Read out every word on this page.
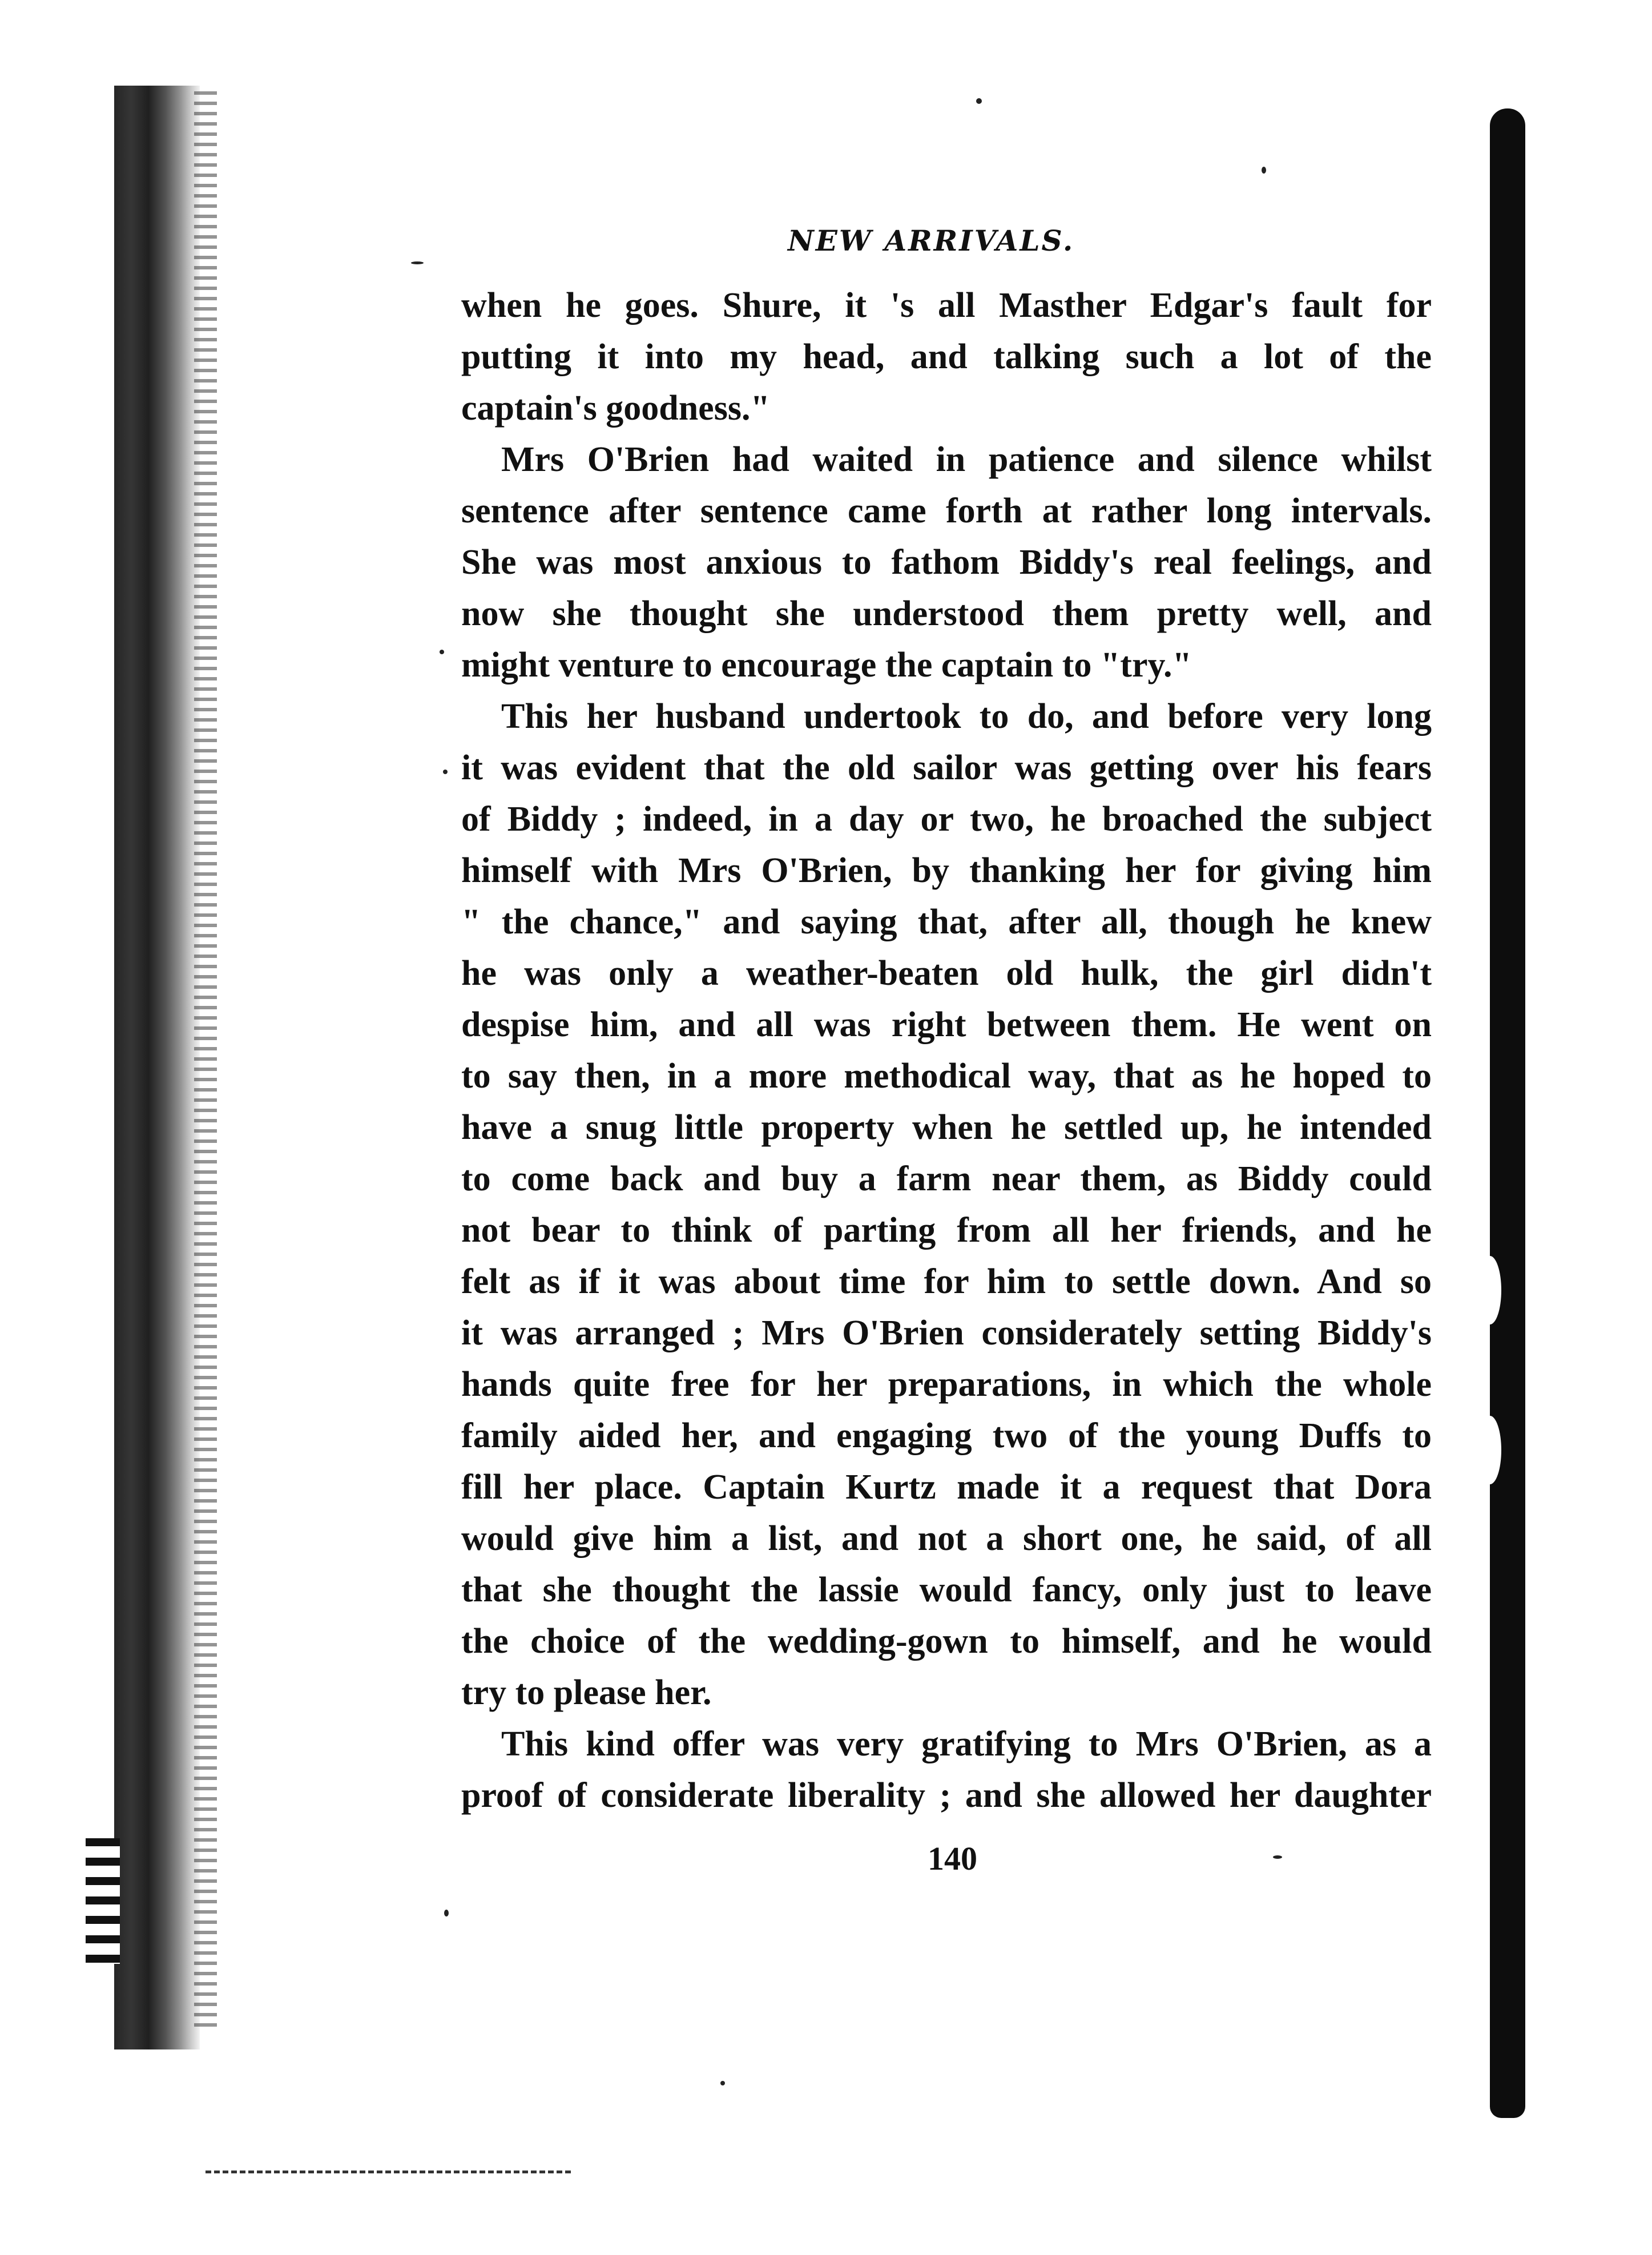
NEW ARRIVALS.
when he goes. Shure, it 's all Masther Edgar's fault for
putting it into my head, and talking such a lot of the
captain's goodness."
Mrs O'Brien had waited in patience and silence whilst
sentence after sentence came forth at rather long intervals.
She was most anxious to fathom Biddy's real feelings, and
now she thought she understood them pretty well, and
might venture to encourage the captain to "try."
This her husband undertook to do, and before very long
it was evident that the old sailor was getting over his fears
of Biddy ; indeed, in a day or two, he broached the subject
himself with Mrs O'Brien, by thanking her for giving him
" the chance," and saying that, after all, though he knew
he was only a weather-beaten old hulk, the girl didn't
despise him, and all was right between them. He went on
to say then, in a more methodical way, that as he hoped to
have a snug little property when he settled up, he intended
to come back and buy a farm near them, as Biddy could
not bear to think of parting from all her friends, and he
felt as if it was about time for him to settle down. And so
it was arranged ; Mrs O'Brien considerately setting Biddy's
hands quite free for her preparations, in which the whole
family aided her, and engaging two of the young Duffs to
fill her place. Captain Kurtz made it a request that Dora
would give him a list, and not a short one, he said, of all
that she thought the lassie would fancy, only just to leave
the choice of the wedding-gown to himself, and he would
try to please her.
This kind offer was very gratifying to Mrs O'Brien, as a
proof of considerate liberality ; and she allowed her daughter
140
